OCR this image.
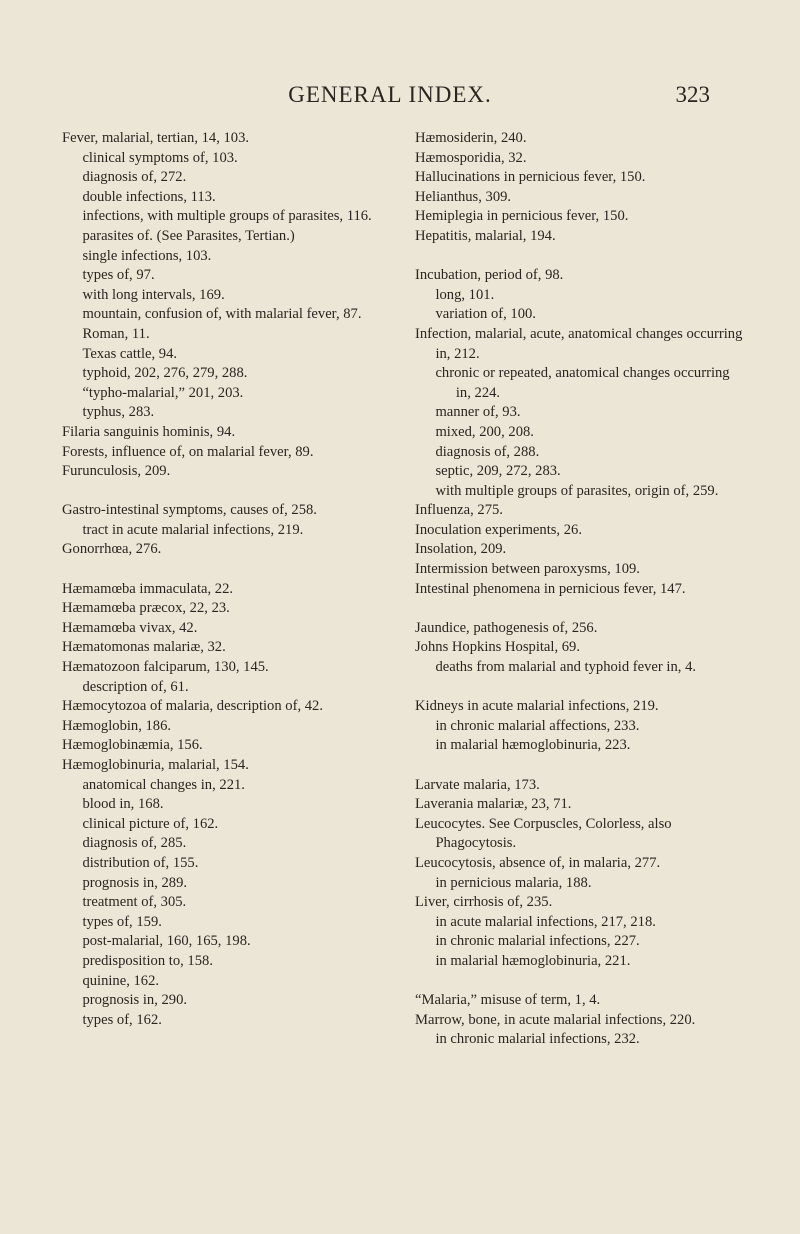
GENERAL INDEX.	323
Fever, malarial, tertian, 14, 103.
clinical symptoms of, 103.
diagnosis of, 272.
double infections, 113.
infections, with multiple groups of parasites, 116.
parasites of. (See Parasites, Tertian.)
single infections, 103.
types of, 97.
with long intervals, 169.
mountain, confusion of, with malarial fever, 87.
Roman, 11.
Texas cattle, 94.
typhoid, 202, 276, 279, 288.
“typho-malarial,” 201, 203.
typhus, 283.
Filaria sanguinis hominis, 94.
Forests, influence of, on malarial fever, 89.
Furunculosis, 209.
Gastro-intestinal symptoms, causes of, 258.
tract in acute malarial infections, 219.
Gonorrhœa, 276.
Hæmamœba immaculata, 22.
Hæmamœba præcox, 22, 23.
Hæmamœba vivax, 42.
Hæmatomonas malariæ, 32.
Hæmatozoon falciparum, 130, 145.
description of, 61.
Hæmocytozoa of malaria, description of, 42.
Hæmoglobin, 186.
Hæmoglobinæmia, 156.
Hæmoglobinuria, malarial, 154.
anatomical changes in, 221.
blood in, 168.
clinical picture of, 162.
diagnosis of, 285.
distribution of, 155.
prognosis in, 289.
treatment of, 305.
types of, 159.
post-malarial, 160, 165, 198.
predisposition to, 158.
quinine, 162.
prognosis in, 290.
types of, 162.
Hæmosiderin, 240.
Hæmosporidia, 32.
Hallucinations in pernicious fever, 150.
Helianthus, 309.
Hemiplegia in pernicious fever, 150.
Hepatitis, malarial, 194.
Incubation, period of, 98.
long, 101.
variation of, 100.
Infection, malarial, acute, anatomical changes occurring in, 212.
chronic or repeated, anatomical changes occurring in, 224.
manner of, 93.
mixed, 200, 208.
diagnosis of, 288.
septic, 209, 272, 283.
with multiple groups of parasites, origin of, 259.
Influenza, 275.
Inoculation experiments, 26.
Insolation, 209.
Intermission between paroxysms, 109.
Intestinal phenomena in pernicious fever, 147.
Jaundice, pathogenesis of, 256.
Johns Hopkins Hospital, 69.
deaths from malarial and typhoid fever in, 4.
Kidneys in acute malarial infections, 219.
in chronic malarial affections, 233.
in malarial hæmoglobinuria, 223.
Larvate malaria, 173.
Laverania malariæ, 23, 71.
Leucocytes. See Corpuscles, Colorless, also Phagocytosis.
Leucocytosis, absence of, in malaria, 277.
in pernicious malaria, 188.
Liver, cirrhosis of, 235.
in acute malarial infections, 217, 218.
in chronic malarial infections, 227.
in malarial hæmoglobinuria, 221.
“Malaria,” misuse of term, 1, 4.
Marrow, bone, in acute malarial infections, 220.
in chronic malarial infections, 232.
